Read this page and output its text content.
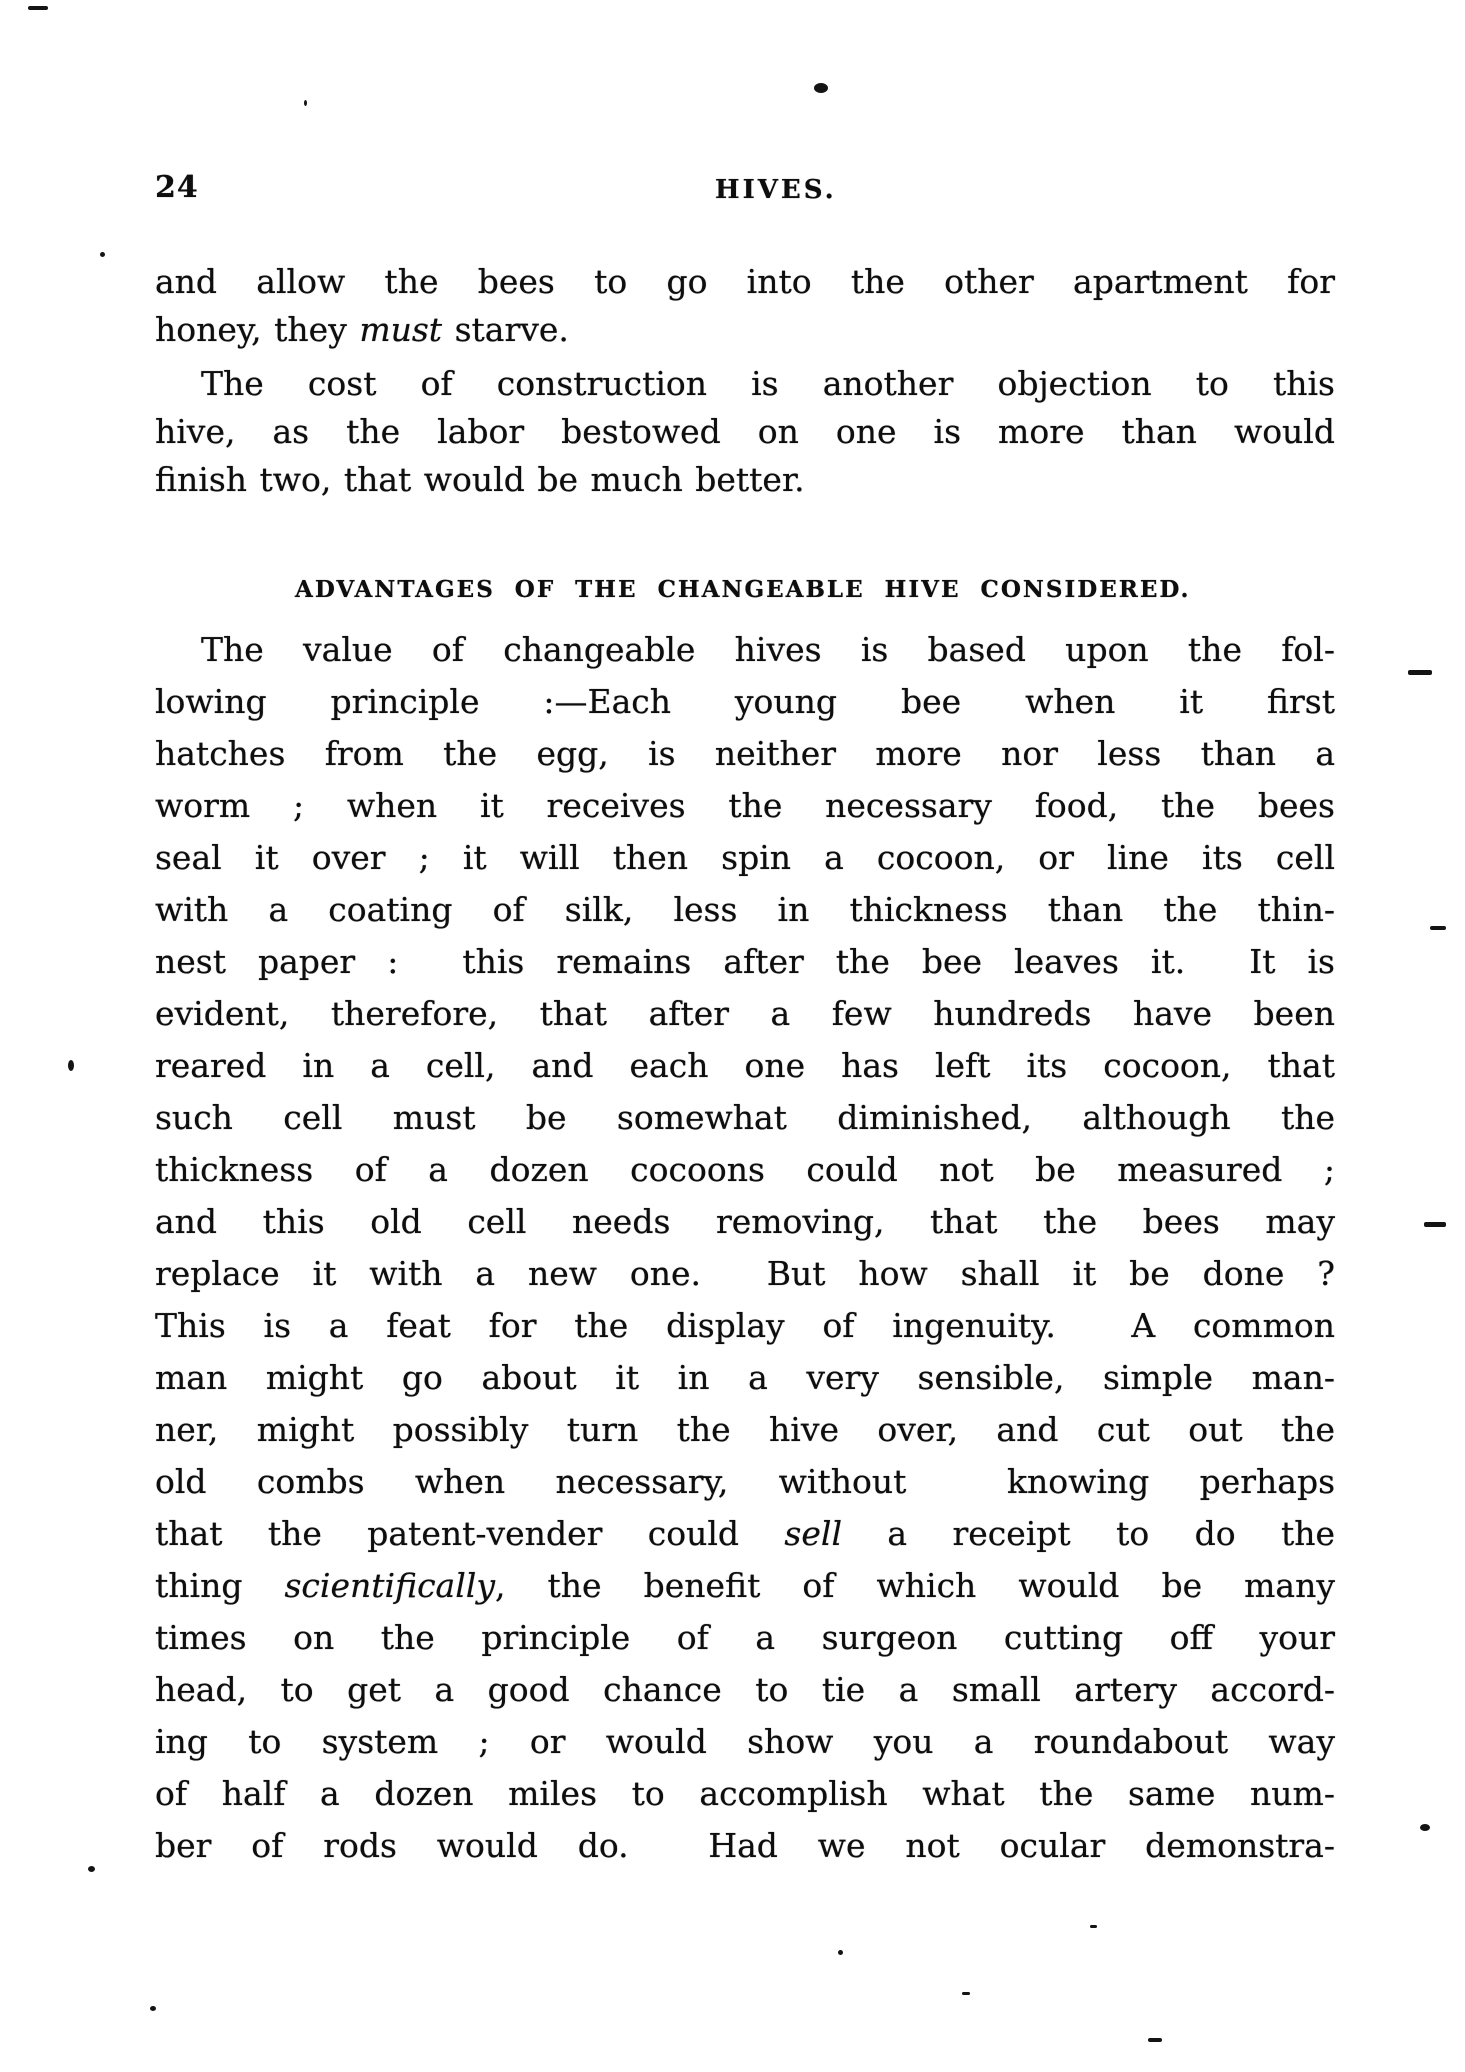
24	HIVES.
and allow the bees to go into the other apartment for
honey, they must starve.
The cost of construction is another objection to this
hive, as the labor bestowed on one is more than would
finish two, that would be much better.
ADVANTAGES OF THE CHANGEABLE HIVE CONSIDERED.
The value of changeable hives is based upon the fol-
lowing principle :—Each young bee when it first
hatches from the egg, is neither more nor less than a
worm ; when it receives the necessary food, the bees
seal it over ; it will then spin a cocoon, or line its cell
with a coating of silk, less in thickness than the thin-
nest paper :  this remains after the bee leaves it.  It is
evident, therefore, that after a few hundreds have been
reared in a cell, and each one has left its cocoon, that
such cell must be somewhat diminished, although the
thickness of a dozen cocoons could not be measured ;
and this old cell needs removing, that the bees may
replace it with a new one.  But how shall it be done ?
This is a feat for the display of ingenuity.  A common
man might go about it in a very sensible, simple man-
ner, might possibly turn the hive over, and cut out the
old combs when necessary, without  knowing perhaps
that the patent-vender could sell a receipt to do the
thing scientifically, the benefit of which would be many
times on the principle of a surgeon cutting off your
head, to get a good chance to tie a small artery accord-
ing to system ; or would show you a roundabout way
of half a dozen miles to accomplish what the same num-
ber of rods would do.  Had we not ocular demonstra-
